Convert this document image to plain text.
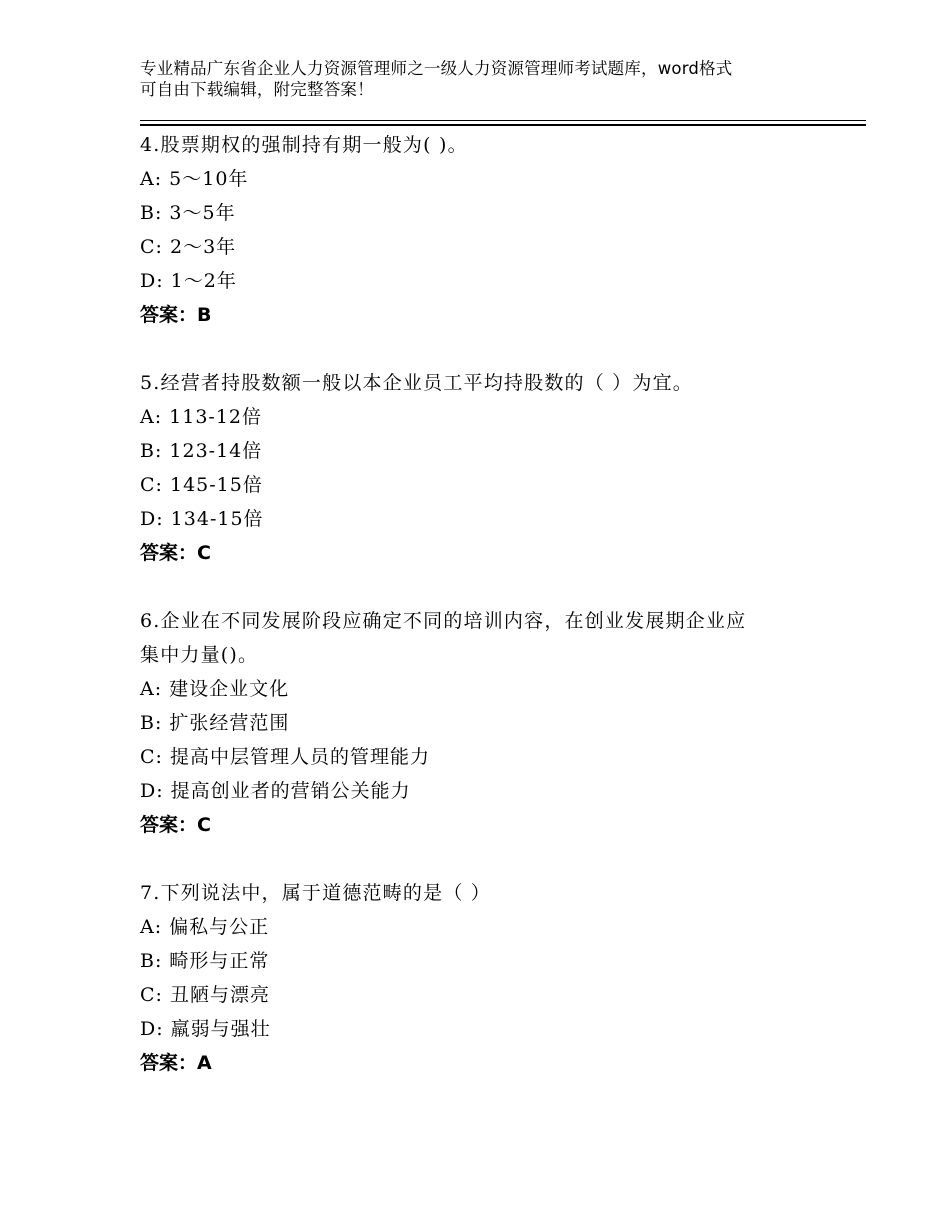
专业精品广东省企业人力资源管理师之一级人力资源管理师考试题库，word格式
可自由下载编辑，附完整答案！

4.股票期权的强制持有期一般为( )。

A: 5～10年

B: 3～5年

C: 2～3年

D: 1～2年

答案：B

5.经营者持股数额一般以本企业员工平均持股数的（ ）为宜。

A: 113-12倍

B: 123-14倍

C: 145-15倍

D: 134-15倍

答案：C

6.企业在不同发展阶段应确定不同的培训内容，在创业发展期企业应

集中力量()。

A: 建设企业文化

B: 扩张经营范围

C: 提高中层管理人员的管理能力

D: 提高创业者的营销公关能力

答案：C

7.下列说法中，属于道德范畴的是（ ）

A: 偏私与公正

B: 畸形与正常

C: 丑陋与漂亮

D: 羸弱与强壮

答案：A
